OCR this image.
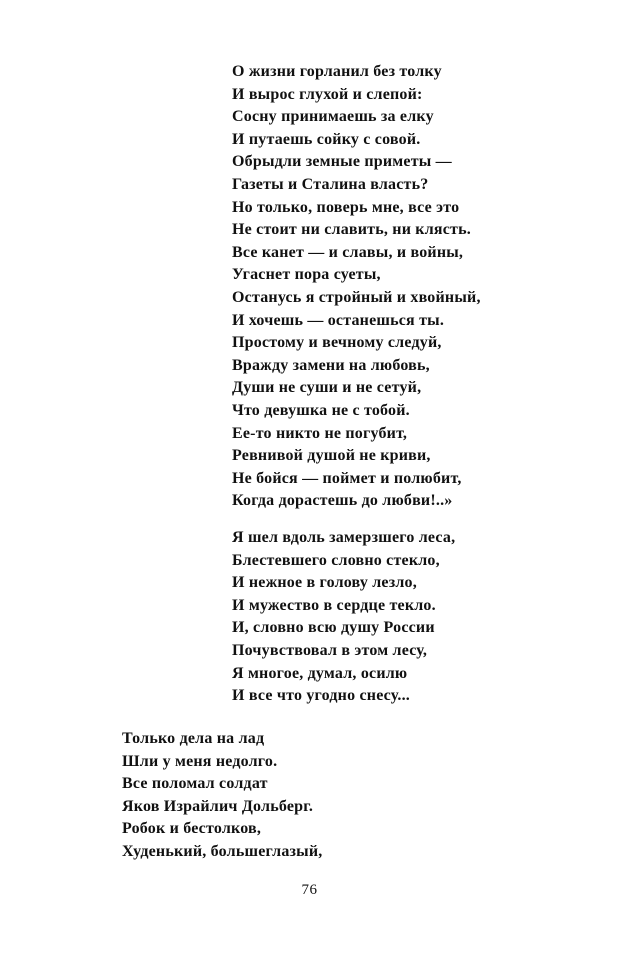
О жизни горланил без толку
И вырос глухой и слепой:
Сосну принимаешь за елку
И путаешь сойку с совой.
Обрыдли земные приметы —
Газеты и Сталина власть?
Но только, поверь мне, все это
Не стоит ни славить, ни клясть.
Все канет — и славы, и войны,
Угаснет пора суеты,
Останусь я стройный и хвойный,
И хочешь — останешься ты.
Простому и вечному следуй,
Вражду замени на любовь,
Души не суши и не сетуй,
Что девушка не с тобой.
Ее-то никто не погубит,
Ревнивой душой не криви,
Не бойся — поймет и полюбит,
Когда дорастешь до любви!..»
Я шел вдоль замерзшего леса,
Блестевшего словно стекло,
И нежное в голову лезло,
И мужество в сердце текло.
И, словно всю душу России
Почувствовал в этом лесу,
Я многое, думал, осилю
И все что угодно снесу...
Только дела на лад
Шли у меня недолго.
Все поломал солдат
Яков Израйлич Дольберг.
Робок и бестолков,
Худенький, большеглазый,
76
